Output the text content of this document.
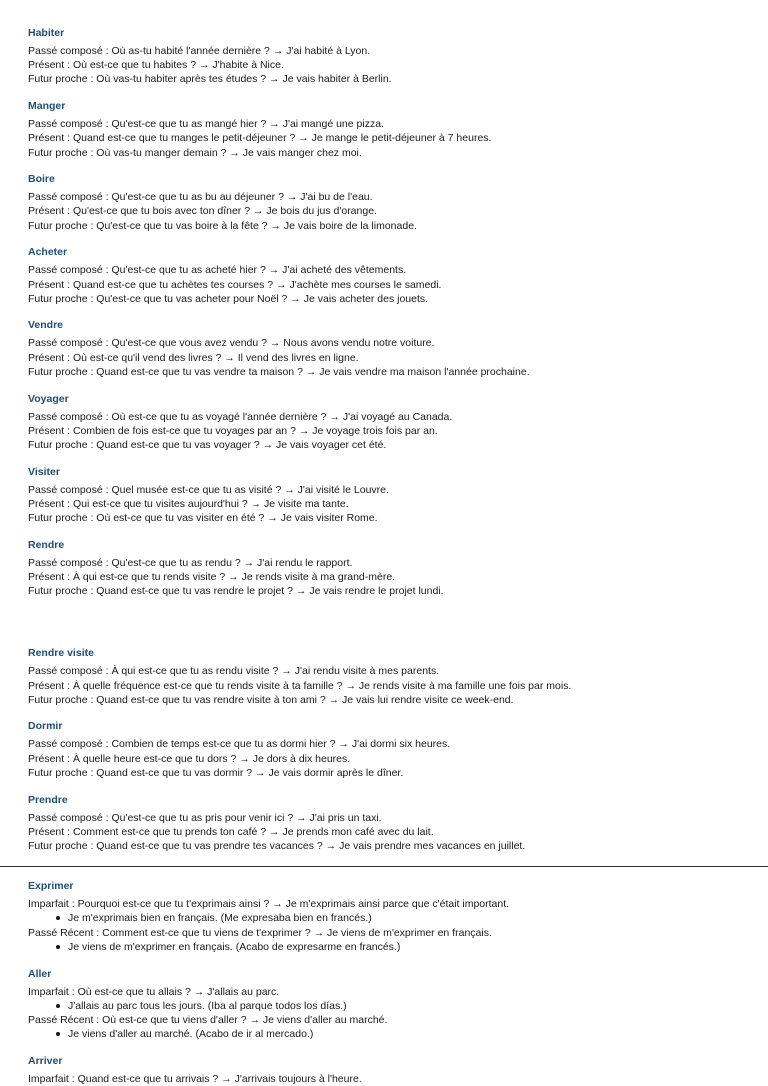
Habiter
Passé composé : Où as-tu habité l'année dernière ? → J'ai habité à Lyon.
Présent : Où est-ce que tu habites ? → J'habite à Nice.
Futur proche : Où vas-tu habiter après tes études ? → Je vais habiter à Berlin.
Manger
Passé composé : Qu'est-ce que tu as mangé hier ? → J'ai mangé une pizza.
Présent : Quand est-ce que tu manges le petit-déjeuner ? → Je mange le petit-déjeuner à 7 heures.
Futur proche : Où vas-tu manger demain ? → Je vais manger chez moi.
Boire
Passé composé : Qu'est-ce que tu as bu au déjeuner ? → J'ai bu de l'eau.
Présent : Qu'est-ce que tu bois avec ton dîner ? → Je bois du jus d'orange.
Futur proche : Qu'est-ce que tu vas boire à la fête ? → Je vais boire de la limonade.
Acheter
Passé composé : Qu'est-ce que tu as acheté hier ? → J'ai acheté des vêtements.
Présent : Quand est-ce que tu achètes tes courses ? → J'achète mes courses le samedi.
Futur proche : Qu'est-ce que tu vas acheter pour Noël ? → Je vais acheter des jouets.
Vendre
Passé composé : Qu'est-ce que vous avez vendu ? → Nous avons vendu notre voiture.
Présent : Où est-ce qu'il vend des livres ? → Il vend des livres en ligne.
Futur proche : Quand est-ce que tu vas vendre ta maison ? → Je vais vendre ma maison l'année prochaine.
Voyager
Passé composé : Où est-ce que tu as voyagé l'année dernière ? → J'ai voyagé au Canada.
Présent : Combien de fois est-ce que tu voyages par an ? → Je voyage trois fois par an.
Futur proche : Quand est-ce que tu vas voyager ? → Je vais voyager cet été.
Visiter
Passé composé : Quel musée est-ce que tu as visité ? → J'ai visité le Louvre.
Présent : Qui est-ce que tu visites aujourd'hui ? → Je visite ma tante.
Futur proche : Où est-ce que tu vas visiter en été ? → Je vais visiter Rome.
Rendre
Passé composé : Qu'est-ce que tu as rendu ? → J'ai rendu le rapport.
Présent : À qui est-ce que tu rends visite ? → Je rends visite à ma grand-mère.
Futur proche : Quand est-ce que tu vas rendre le projet ? → Je vais rendre le projet lundi.
Rendre visite
Passé composé : À qui est-ce que tu as rendu visite ? → J'ai rendu visite à mes parents.
Présent : À quelle fréquence est-ce que tu rends visite à ta famille ? → Je rends visite à ma famille une fois par mois.
Futur proche : Quand est-ce que tu vas rendre visite à ton ami ? → Je vais lui rendre visite ce week-end.
Dormir
Passé composé : Combien de temps est-ce que tu as dormi hier ? → J'ai dormi six heures.
Présent : À quelle heure est-ce que tu dors ? → Je dors à dix heures.
Futur proche : Quand est-ce que tu vas dormir ? → Je vais dormir après le dîner.
Prendre
Passé composé : Qu'est-ce que tu as pris pour venir ici ? → J'ai pris un taxi.
Présent : Comment est-ce que tu prends ton café ? → Je prends mon café avec du lait.
Futur proche : Quand est-ce que tu vas prendre tes vacances ? → Je vais prendre mes vacances en juillet.
Exprimer
Imparfait : Pourquoi est-ce que tu t'exprimais ainsi ? → Je m'exprimais ainsi parce que c'était important.
Je m'exprimais bien en français. (Me expresaba bien en francés.)
Passé Récent : Comment est-ce que tu viens de t'exprimer ? → Je viens de m'exprimer en français.
Je viens de m'exprimer en français. (Acabo de expresarme en francés.)
Aller
Imparfait : Où est-ce que tu allais ? → J'allais au parc.
J'allais au parc tous les jours. (Iba al parque todos los días.)
Passé Récent : Où est-ce que tu viens d'aller ? → Je viens d'aller au marché.
Je viens d'aller au marché. (Acabo de ir al mercado.)
Arriver
Imparfait : Quand est-ce que tu arrivais ? → J'arrivais toujours à l'heure.
